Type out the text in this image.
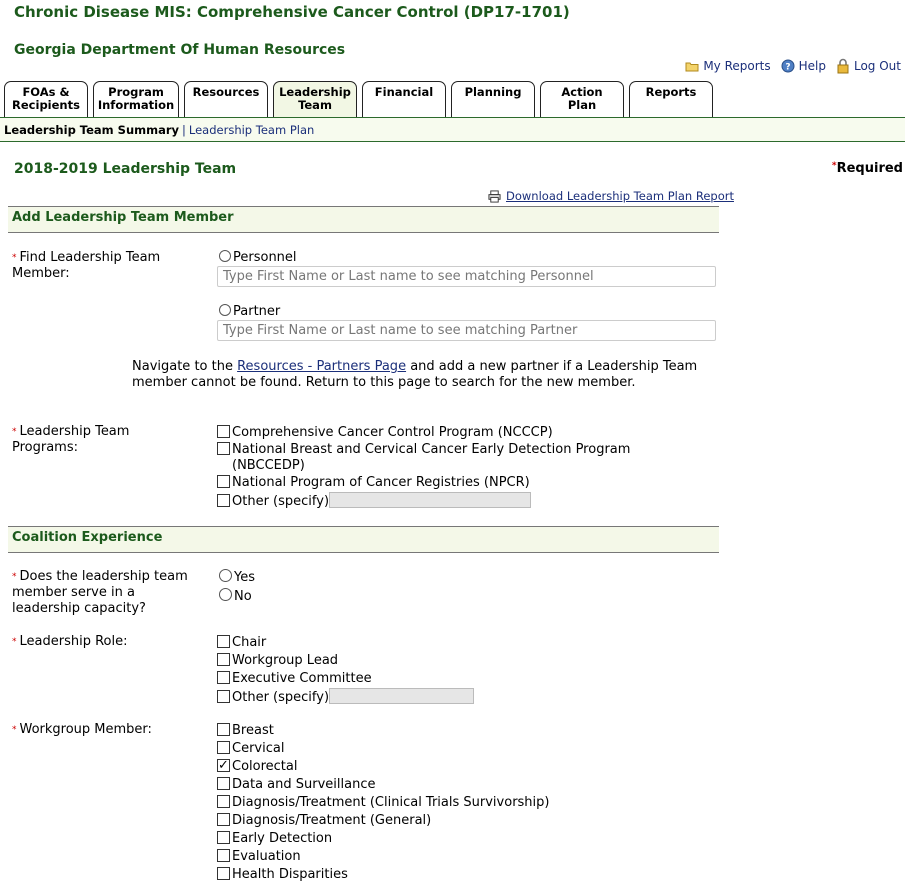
Chronic Disease MIS: Comprehensive Cancer Control (DP17-1701)
Georgia Department Of Human Resources
My Reports ? Help Log Out
FOAs &
Recipients
Program
Information
Resources	Leadership
Team
Financial	Planning	Action
Plan
Reports
Leadership Team Summary | Leadership Team Plan
2018-2019 Leadership Team	*Required
Download Leadership Team Plan Report
Add Leadership Team Member
* Find Leadership Team
Member:
Personnel
Type First Name or Last name to see matching Personnel
Partner
Type First Name or Last name to see matching Partner
Navigate to the Resources - Partners Page and add a new partner if a Leadership Team member cannot be found. Return to this page to search for the new member.
* Leadership Team
Programs:
Comprehensive Cancer Control Program (NCCCP)
National Breast and Cervical Cancer Early Detection Program
(NBCCEDP)
National Program of Cancer Registries (NPCR)
Other (specify)
Coalition Experience
* Does the leadership team
member serve in a
leadership capacity?
Yes
No
* Leadership Role:	Chair
Workgroup Lead
Executive Committee
Other (specify)
* Workgroup Member:	Breast
Cervical
✓Colorectal
Data and Surveillance
Diagnosis/Treatment (Clinical Trials Survivorship)
Diagnosis/Treatment (General)
Early Detection
Evaluation
Health Disparities
